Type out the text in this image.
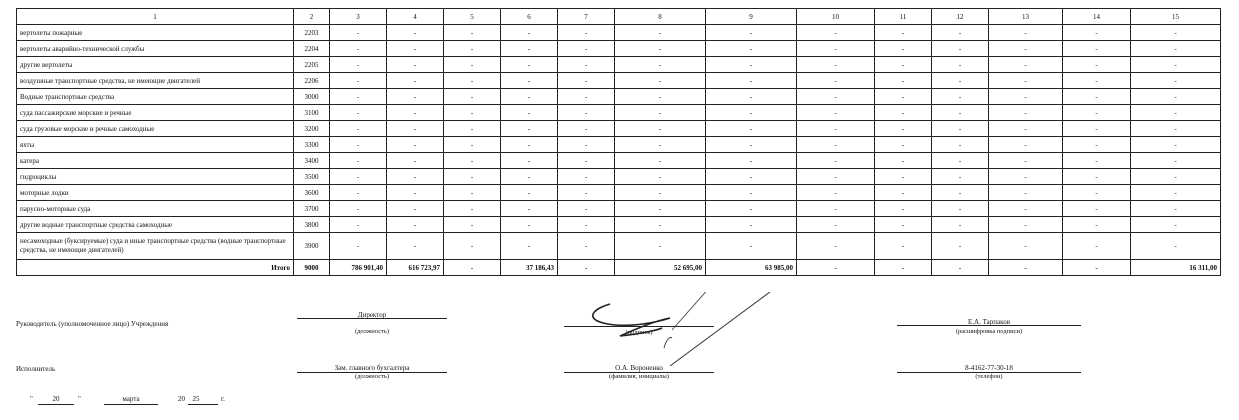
1	2	3	4	5	6	7	8	9	10	11	12	13	14	15
вертолеты пожарные	2203	-	-	-	-	-	-	-	-	-	-	-	-	-
вертолеты аварийно-технической службы	2204	-	-	-	-	-	-	-	-	-	-	-	-	-
другие вертолеты	2205	-	-	-	-	-	-	-	-	-	-	-	-	-
воздушные транспортные средства, не имеющие двигателей	2206	-	-	-	-	-	-	-	-	-	-	-	-	-
Водные транспортные средства	3000	-	-	-	-	-	-	-	-	-	-	-	-	-
суда пассажирские морские и речные	3100	-	-	-	-	-	-	-	-	-	-	-	-	-
суда грузовые морские и речные самоходные	3200	-	-	-	-	-	-	-	-	-	-	-	-	-
яхты	3300	-	-	-	-	-	-	-	-	-	-	-	-	-
катера	3400	-	-	-	-	-	-	-	-	-	-	-	-	-
гидроциклы	3500	-	-	-	-	-	-	-	-	-	-	-	-	-
моторные лодки	3600	-	-	-	-	-	-	-	-	-	-	-	-	-
парусно-моторные суда	3700	-	-	-	-	-	-	-	-	-	-	-	-	-
другие водные транспортные средства самоходные	3800	-	-	-	-	-	-	-	-	-	-	-	-	-
несамоходные (буксируемые) суда и иные транспортные средства (водные транспортные средства, не имеющие двигателей)	3900	-	-	-	-	-	-	-	-	-	-	-	-	-
Итого	9000	786 901,40	616 723,97	-	37 186,43	-	52 695,00	63 985,00	-	-	-	-	-	16 311,00
Руководитель (уполномоченное лицо) Учреждения
Директор
(должность)	(подпись)
Е.А. Тарпаков
(расшифровка подписи)
Исполнитель	Зам. главного бухгалтера
(должность)
О.А. Вороненко
(фамилия, инициалы)
8-4162-77-30-18
(телефон)
"	20	"	марта	20	25	г.
